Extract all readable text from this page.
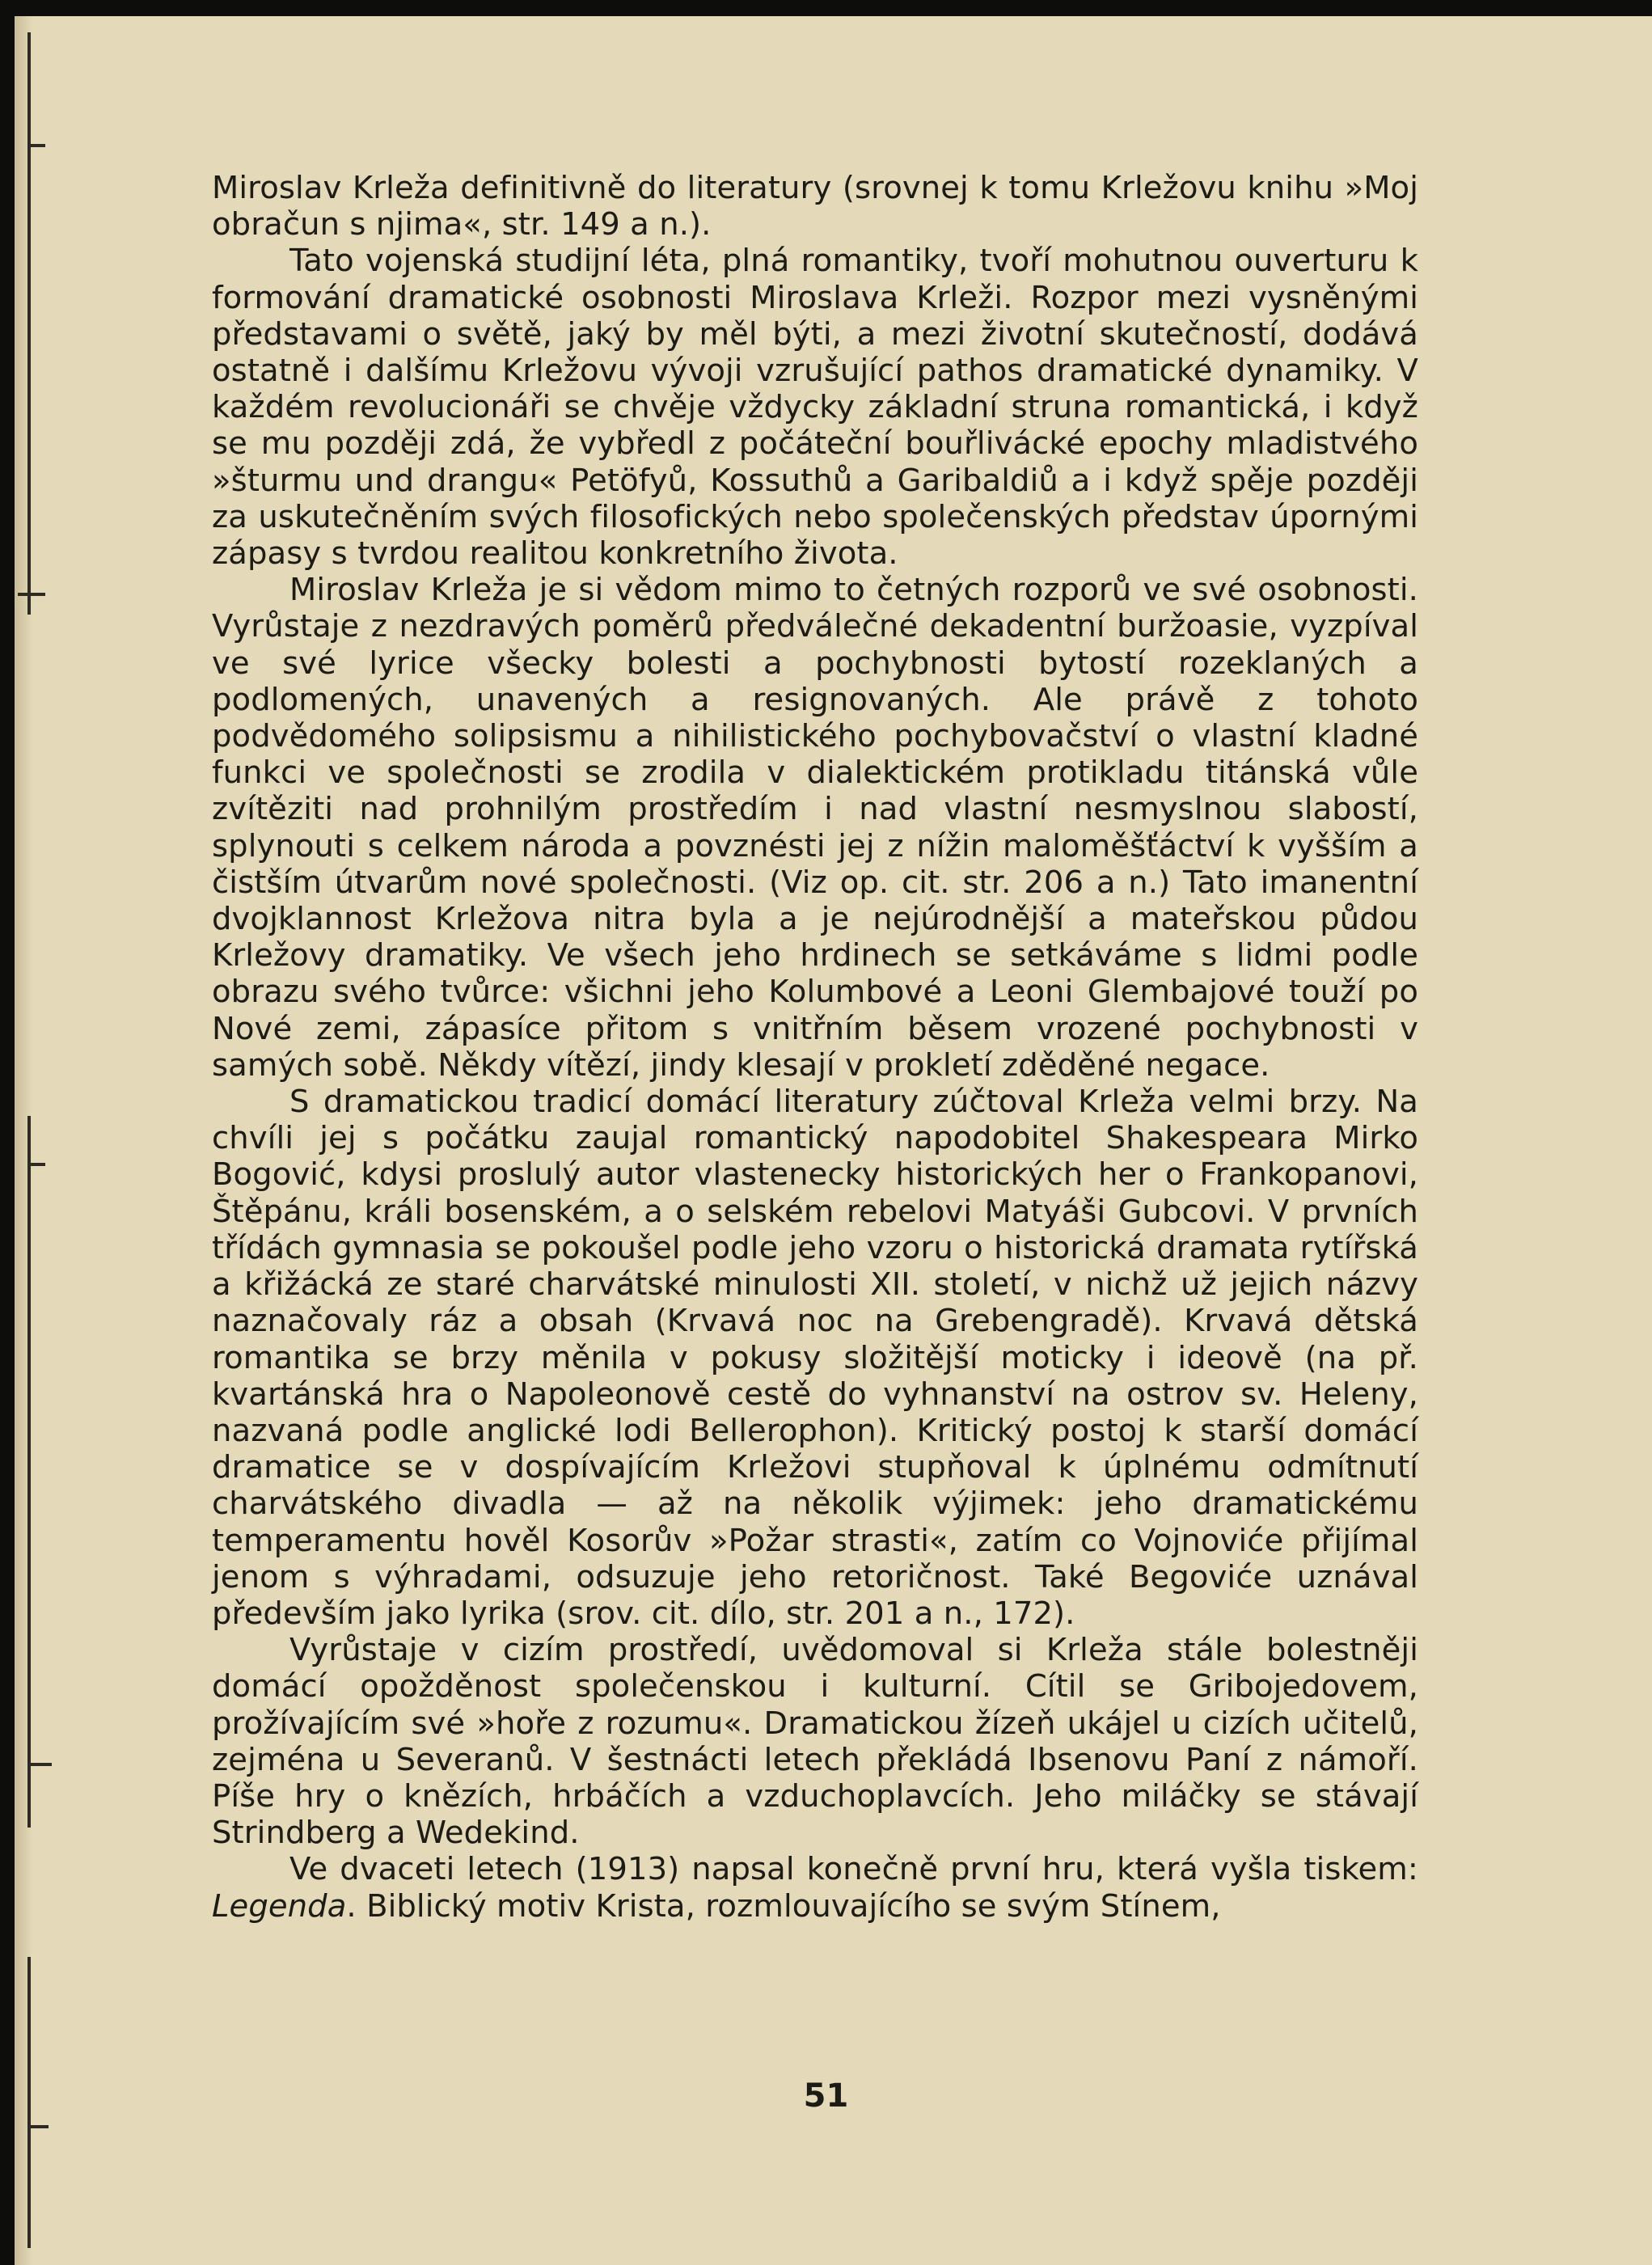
Miroslav Krleža definitivně do literatury (srovnej k tomu Krležovu knihu »Moj obračun s njima«, str. 149 a n.).

Tato vojenská studijní léta, plná romantiky, tvoří mohutnou ouverturu k formování dramatické osobnosti Miroslava Krleži. Rozpor mezi vysněnými představami o světě, jaký by měl býti, a mezi životní skutečností, dodává ostatně i dalšímu Krležovu vývoji vzrušující pathos dramatické dynamiky. V každém revolucionáři se chvěje vždycky základní struna romantická, i když se mu později zdá, že vybředl z počáteční bouřlivácké epochy mladistvého »šturmu und drangu« Petöfyů, Kossuthů a Garibaldiů a i když spěje později za uskutečněním svých filosofických nebo společenských představ úpornými zápasy s tvrdou realitou konkretního života.

Miroslav Krleža je si vědom mimo to četných rozporů ve své osobnosti. Vyrůstaje z nezdravých poměrů předválečné dekadentní buržoasie, vyzpíval ve své lyrice všecky bolesti a pochybnosti bytostí rozeklaných a podlomených, unavených a resignovaných. Ale právě z tohoto podvědomého solipsismu a nihilistického pochybovačství o vlastní kladné funkci ve společnosti se zrodila v dialektickém protikladu titánská vůle zvítěziti nad prohnilým prostředím i nad vlastní nesmyslnou slabostí, splynouti s celkem národa a povznésti jej z nížin maloměšťáctví k vyšším a čistším útvarům nové společnosti. (Viz op. cit. str. 206 a n.) Tato imanentní dvojklannost Krležova nitra byla a je nejúrodnější a mateřskou půdou Krležovy dramatiky. Ve všech jeho hrdinech se setkáváme s lidmi podle obrazu svého tvůrce: všichni jeho Kolumbové a Leoni Glembajové touží po Nové zemi, zápasíce přitom s vnitřním běsem vrozené pochybnosti v samých sobě. Někdy vítězí, jindy klesají v prokletí zděděné negace.

S dramatickou tradicí domácí literatury zúčtoval Krleža velmi brzy. Na chvíli jej s počátku zaujal romantický napodobitel Shakespeara Mirko Bogović, kdysi proslulý autor vlastenecky historických her o Frankopanovi, Štěpánu, králi bosenském, a o selském rebelovi Matyáši Gubcovi. V prvních třídách gymnasia se pokoušel podle jeho vzoru o historická dramata rytířská a křižácká ze staré charvátské minulosti XII. století, v nichž už jejich názvy naznačovaly ráz a obsah (Krvavá noc na Grebengradě). Krvavá dětská romantika se brzy měnila v pokusy složitější moticky i ideově (na př. kvartánská hra o Napoleonově cestě do vyhnanství na ostrov sv. Heleny, nazvaná podle anglické lodi Bellerophon). Kritický postoj k starší domácí dramatice se v dospívajícím Krležovi stupňoval k úplnému odmítnutí charvátského divadla — až na několik výjimek: jeho dramatickému temperamentu hověl Kosorův »Požar strasti«, zatím co Vojnoviće přijímal jenom s výhradami, odsuzuje jeho retoričnost. Také Begoviće uznával především jako lyrika (srov. cit. dílo, str. 201 a n., 172).

Vyrůstaje v cizím prostředí, uvědomoval si Krleža stále bolestněji domácí opožděnost společenskou i kulturní. Cítil se Gribojedovem, prožívajícím své »hoře z rozumu«. Dramatickou žízeň ukájel u cizích učitelů, zejména u Severanů. V šestnácti letech překládá Ibsenovu Paní z námoří. Píše hry o knězích, hrbáčích a vzduchoplavcích. Jeho miláčky se stávají Strindberg a Wedekind.

Ve dvaceti letech (1913) napsal konečně první hru, která vyšla tiskem: Legenda. Biblický motiv Krista, rozmlouvajícího se svým Stínem,

51
